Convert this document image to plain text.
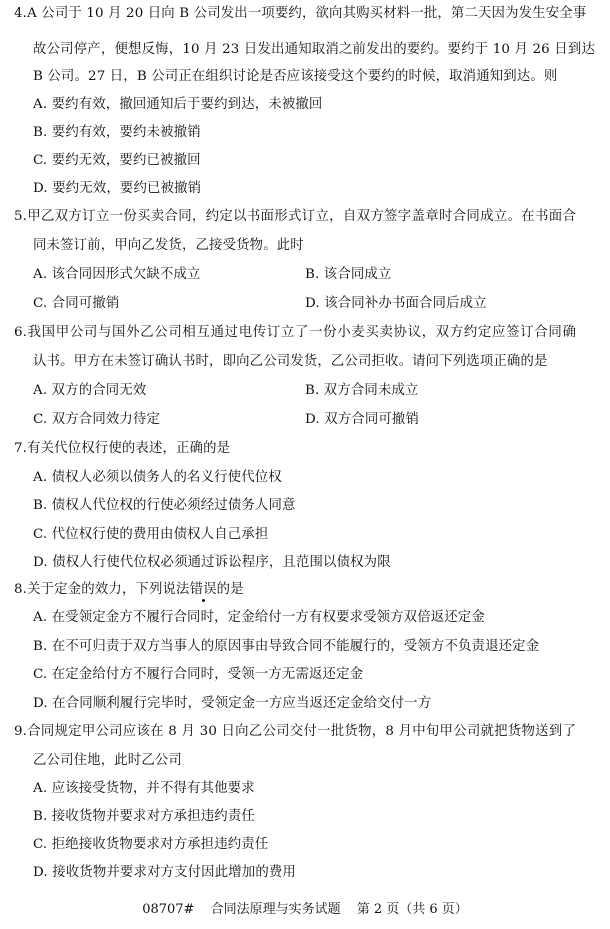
4.A 公司于 10 月 20 日向 B 公司发出一项要约，欲向其购买材料一批，第二天因为发生安全事
故公司停产，便想反悔，10 月 23 日发出通知取消之前发出的要约。要约于 10 月 26 日到达
B 公司。27 日，B 公司正在组织讨论是否应该接受这个要约的时候，取消通知到达。则
A. 要约有效，撤回通知后于要约到达，未被撤回
B. 要约有效，要约未被撤销
C. 要约无效，要约已被撤回
D. 要约无效，要约已被撤销
5.甲乙双方订立一份买卖合同，约定以书面形式订立，自双方签字盖章时合同成立。在书面合
同未签订前，甲向乙发货，乙接受货物。此时
A. 该合同因形式欠缺不成立	B. 该合同成立
C. 合同可撤销	D. 该合同补办书面合同后成立
6.我国甲公司与国外乙公司相互通过电传订立了一份小麦买卖协议，双方约定应签订合同确
认书。甲方在未签订确认书时，即向乙公司发货，乙公司拒收。请问下列选项正确的是
A. 双方的合同无效	B. 双方合同未成立
C. 双方合同效力待定	D. 双方合同可撤销
7.有关代位权行使的表述，正确的是
A. 债权人必须以债务人的名义行使代位权
B. 债权人代位权的行使必须经过债务人同意
C. 代位权行使的费用由债权人自己承担
D. 债权人行使代位权必须通过诉讼程序，且范围以债权为限
8.关于定金的效力，下列说法错误
的是
A. 在受领定金方不履行合同时，定金给付一方有权要求受领方双倍返还定金
B. 在不可归责于双方当事人的原因事由导致合同不能履行的，受领方不负责退还定金
C. 在定金给付方不履行合同时，受领一方无需返还定金
D. 在合同顺利履行完毕时，受领定金一方应当返还定金给交付一方
9.合同规定甲公司应该在 8 月 30 日向乙公司交付一批货物，8 月中旬甲公司就把货物送到了
乙公司住地，此时乙公司
A. 应该接受货物，并不得有其他要求
B. 接收货物并要求对方承担违约责任
C. 拒绝接收货物要求对方承担违约责任
D. 接收货物并要求对方支付因此增加的费用
08707# 合同法原理与实务试题 第 2 页（共 6 页）
